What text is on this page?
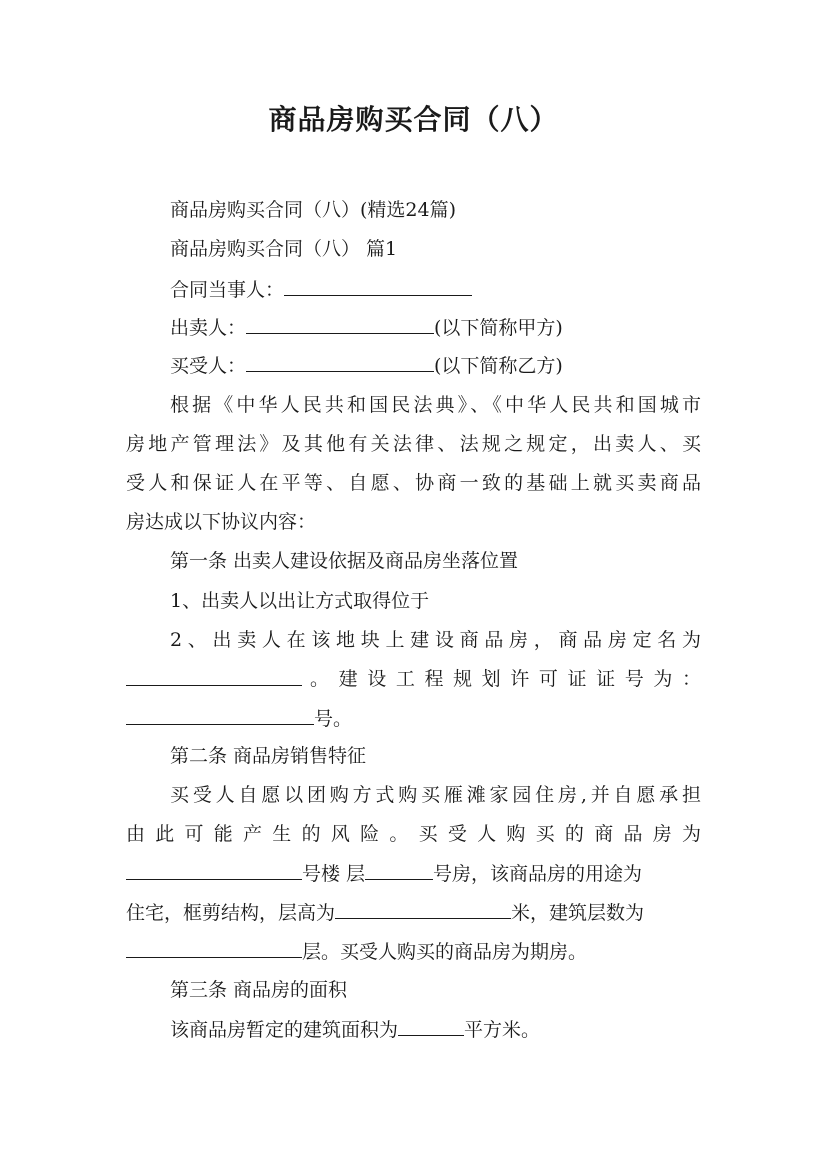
商品房购买合同（八）
商品房购买合同（八）(精选24篇)
商品房购买合同（八） 篇1
合同当事人：
出卖人：	(以下简称甲方)
买受人：	(以下简称乙方)
根据《中华人民共和国民法典》、《中华人民共和国城市
房地产管理法》及其他有关法律、法规之规定，出卖人、买
受人和保证人在平等、自愿、协商一致的基础上就买卖商品
房达成以下协议内容：
第一条 出卖人建设依据及商品房坐落位置
1、出卖人以出让方式取得位于
2、出卖人在该地块上建设商品房，商品房定名为
。建设工程规划许可证证号为：
号。
第二条 商品房销售特征
买受人自愿以团购方式购买雁滩家园住房,并自愿承担
由此可能产生的风险。买受人购买的商品房为
号楼 层	号房，该商品房的用途为
住宅，框剪结构，层高为	米，建筑层数为
层。买受人购买的商品房为期房。
第三条 商品房的面积
该商品房暂定的建筑面积为	平方米。
